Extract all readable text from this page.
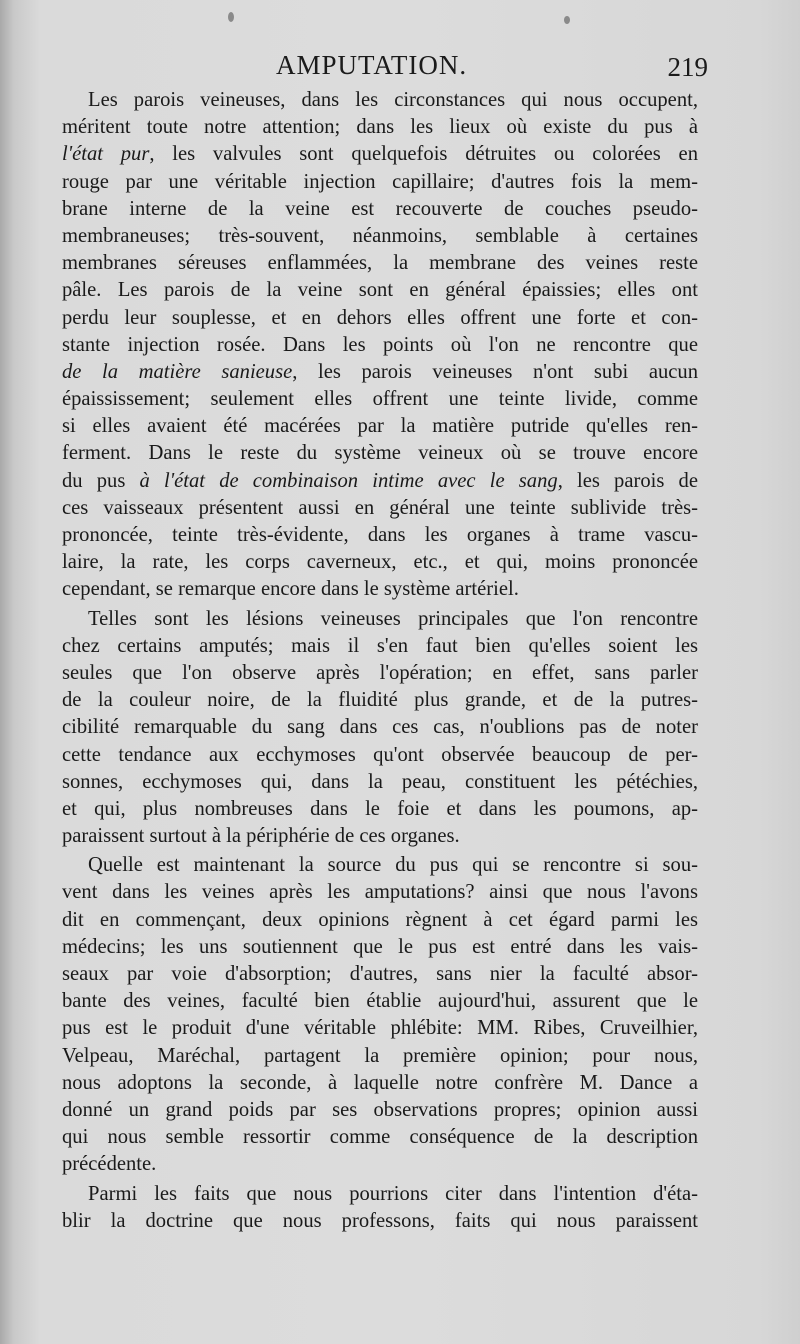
AMPUTATION.	219
Les parois veineuses, dans les circonstances qui nous occupent,
méritent toute notre attention; dans les lieux où existe du pus à
l'état pur, les valvules sont quelquefois détruites ou colorées en
rouge par une véritable injection capillaire; d'autres fois la mem-
brane interne de la veine est recouverte de couches pseudo-
membraneuses; très-souvent, néanmoins, semblable à certaines
membranes séreuses enflammées, la membrane des veines reste
pâle. Les parois de la veine sont en général épaissies; elles ont
perdu leur souplesse, et en dehors elles offrent une forte et con-
stante injection rosée. Dans les points où l'on ne rencontre que
de la matière sanieuse, les parois veineuses n'ont subi aucun
épaississement; seulement elles offrent une teinte livide, comme
si elles avaient été macérées par la matière putride qu'elles ren-
ferment. Dans le reste du système veineux où se trouve encore
du pus à l'état de combinaison intime avec le sang, les parois de
ces vaisseaux présentent aussi en général une teinte sublivide très-
prononcée, teinte très-évidente, dans les organes à trame vascu-
laire, la rate, les corps caverneux, etc., et qui, moins prononcée
cependant, se remarque encore dans le système artériel.
Telles sont les lésions veineuses principales que l'on rencontre
chez certains amputés; mais il s'en faut bien qu'elles soient les
seules que l'on observe après l'opération; en effet, sans parler
de la couleur noire, de la fluidité plus grande, et de la putres-
cibilité remarquable du sang dans ces cas, n'oublions pas de noter
cette tendance aux ecchymoses qu'ont observée beaucoup de per-
sonnes, ecchymoses qui, dans la peau, constituent les pétéchies,
et qui, plus nombreuses dans le foie et dans les poumons, ap-
paraissent surtout à la périphérie de ces organes.
Quelle est maintenant la source du pus qui se rencontre si sou-
vent dans les veines après les amputations? ainsi que nous l'avons
dit en commençant, deux opinions règnent à cet égard parmi les
médecins; les uns soutiennent que le pus est entré dans les vais-
seaux par voie d'absorption; d'autres, sans nier la faculté absor-
bante des veines, faculté bien établie aujourd'hui, assurent que le
pus est le produit d'une véritable phlébite: MM. Ribes, Cruveilhier,
Velpeau, Maréchal, partagent la première opinion; pour nous,
nous adoptons la seconde, à laquelle notre confrère M. Dance a
donné un grand poids par ses observations propres; opinion aussi
qui nous semble ressortir comme conséquence de la description
précédente.
Parmi les faits que nous pourrions citer dans l'intention d'éta-
blir la doctrine que nous professons, faits qui nous paraissent
